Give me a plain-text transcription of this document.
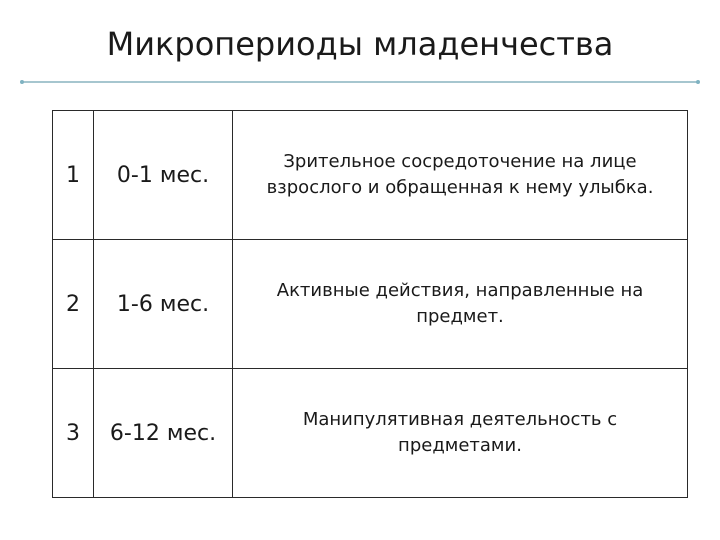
Микропериоды младенчества
1	0-1 мес.	Зрительное сосредоточение на лице
взрослого и обращенная к нему улыбка.
2	1-6 мес.	Активные действия, направленные на
предмет.
3	6-12 мес.	Манипулятивная деятельность с
предметами.
